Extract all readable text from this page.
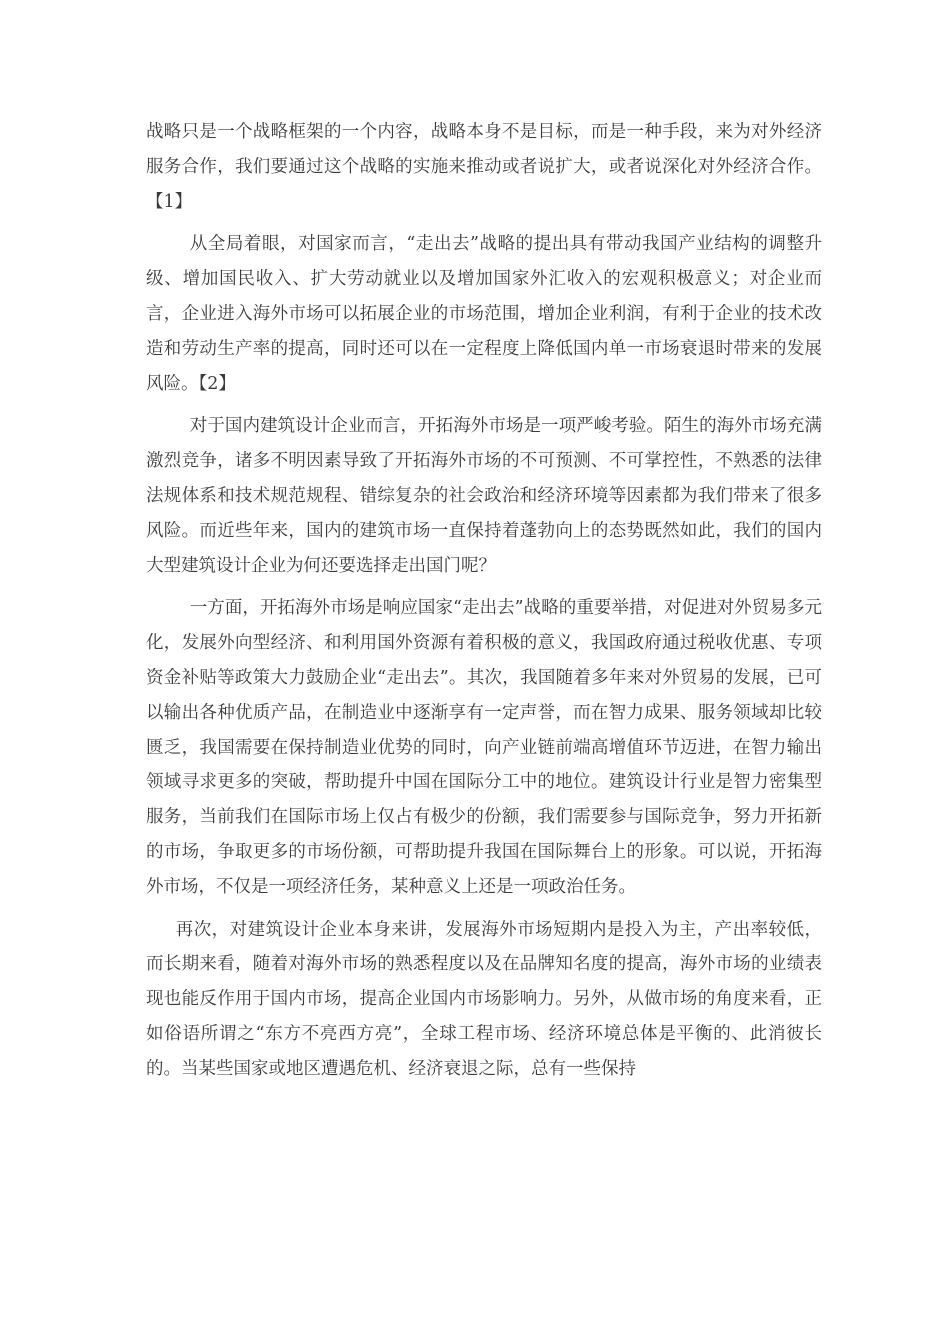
战略只是一个战略框架的一个内容，战略本身不是目标，而是一种手段，来为对外经济服务合作，我们要通过这个战略的实施来推动或者说扩大，或者说深化对外经济合作。【1】

从全局着眼，对国家而言，“走出去”战略的提出具有带动我国产业结构的调整升级、增加国民收入、扩大劳动就业以及增加国家外汇收入的宏观积极意义；对企业而言，企业进入海外市场可以拓展企业的市场范围，增加企业利润，有利于企业的技术改造和劳动生产率的提高，同时还可以在一定程度上降低国内单一市场衰退时带来的发展风险。【2】

对于国内建筑设计企业而言，开拓海外市场是一项严峻考验。陌生的海外市场充满激烈竞争，诸多不明因素导致了开拓海外市场的不可预测、不可掌控性，不熟悉的法律法规体系和技术规范规程、错综复杂的社会政治和经济环境等因素都为我们带来了很多风险。而近些年来，国内的建筑市场一直保持着蓬勃向上的态势既然如此，我们的国内大型建筑设计企业为何还要选择走出国门呢？

一方面，开拓海外市场是响应国家“走出去”战略的重要举措，对促进对外贸易多元化，发展外向型经济、和利用国外资源有着积极的意义，我国政府通过税收优惠、专项资金补贴等政策大力鼓励企业“走出去”。其次，我国随着多年来对外贸易的发展，已可以输出各种优质产品，在制造业中逐渐享有一定声誉，而在智力成果、服务领域却比较匮乏，我国需要在保持制造业优势的同时，向产业链前端高增值环节迈进，在智力输出领域寻求更多的突破，帮助提升中国在国际分工中的地位。建筑设计行业是智力密集型服务，当前我们在国际市场上仅占有极少的份额，我们需要参与国际竞争，努力开拓新的市场，争取更多的市场份额，可帮助提升我国在国际舞台上的形象。可以说，开拓海外市场，不仅是一项经济任务，某种意义上还是一项政治任务。

再次，对建筑设计企业本身来讲，发展海外市场短期内是投入为主，产出率较低，而长期来看，随着对海外市场的熟悉程度以及在品牌知名度的提高，海外市场的业绩表现也能反作用于国内市场，提高企业国内市场影响力。另外，从做市场的角度来看，正如俗语所谓之“东方不亮西方亮”，全球工程市场、经济环境总体是平衡的、此消彼长的。当某些国家或地区遭遇危机、经济衰退之际，总有一些保持
